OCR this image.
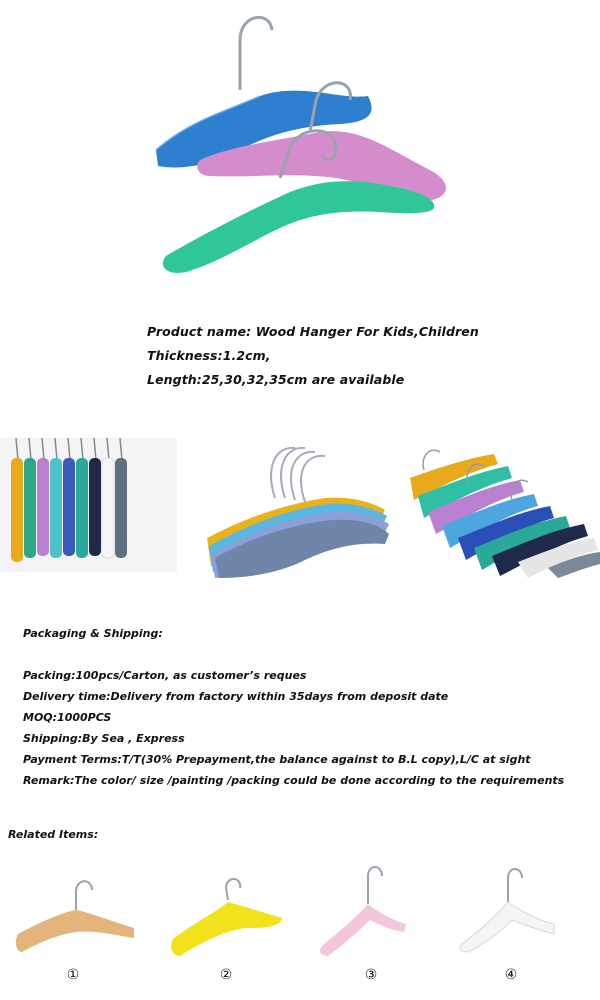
Product name: Wood Hanger For Kids,Children
Thickness:1.2cm,
Length:25,30,32,35cm are available
Packaging & Shipping:
Packing:100pcs/Carton, as customer’s reques
Delivery time:Delivery from factory within 35days from deposit date
MOQ:1000PCS
Shipping:By Sea , Express
Payment Terms:T/T(30% Prepayment,the balance against to B.L copy),L/C at sight
Remark:The color/ size /painting /packing could be done according to the requirements
Related Items:
①	②	③	④
